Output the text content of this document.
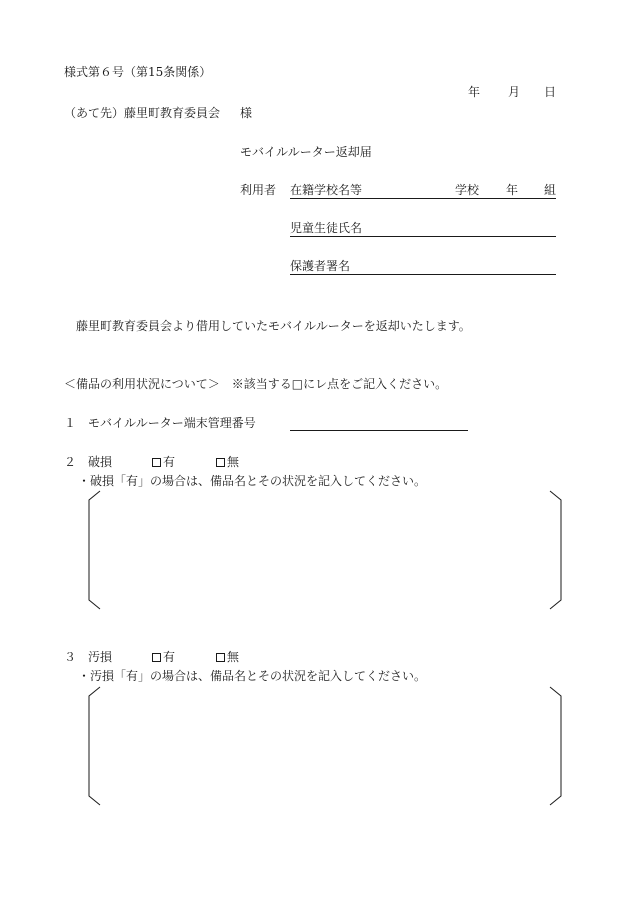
様式第６号（第15条関係）
年 月 日
（あて先）藤里町教育委員会 様
モバイルルーター返却届
利用者 在籍学校名等	学校 年 組
児童生徒氏名
保護者署名
藤里町教育委員会より借用していたモバイルルーターを返却いたします。
＜備品の利用状況について＞　※該当する□にレ点をご記入ください。
１ モバイルルーター端末管理番号
２ 破損	有	無
・破損「有」の場合は、備品名とその状況を記入してください。
３ 汚損	有	無
・汚損「有」の場合は、備品名とその状況を記入してください。
